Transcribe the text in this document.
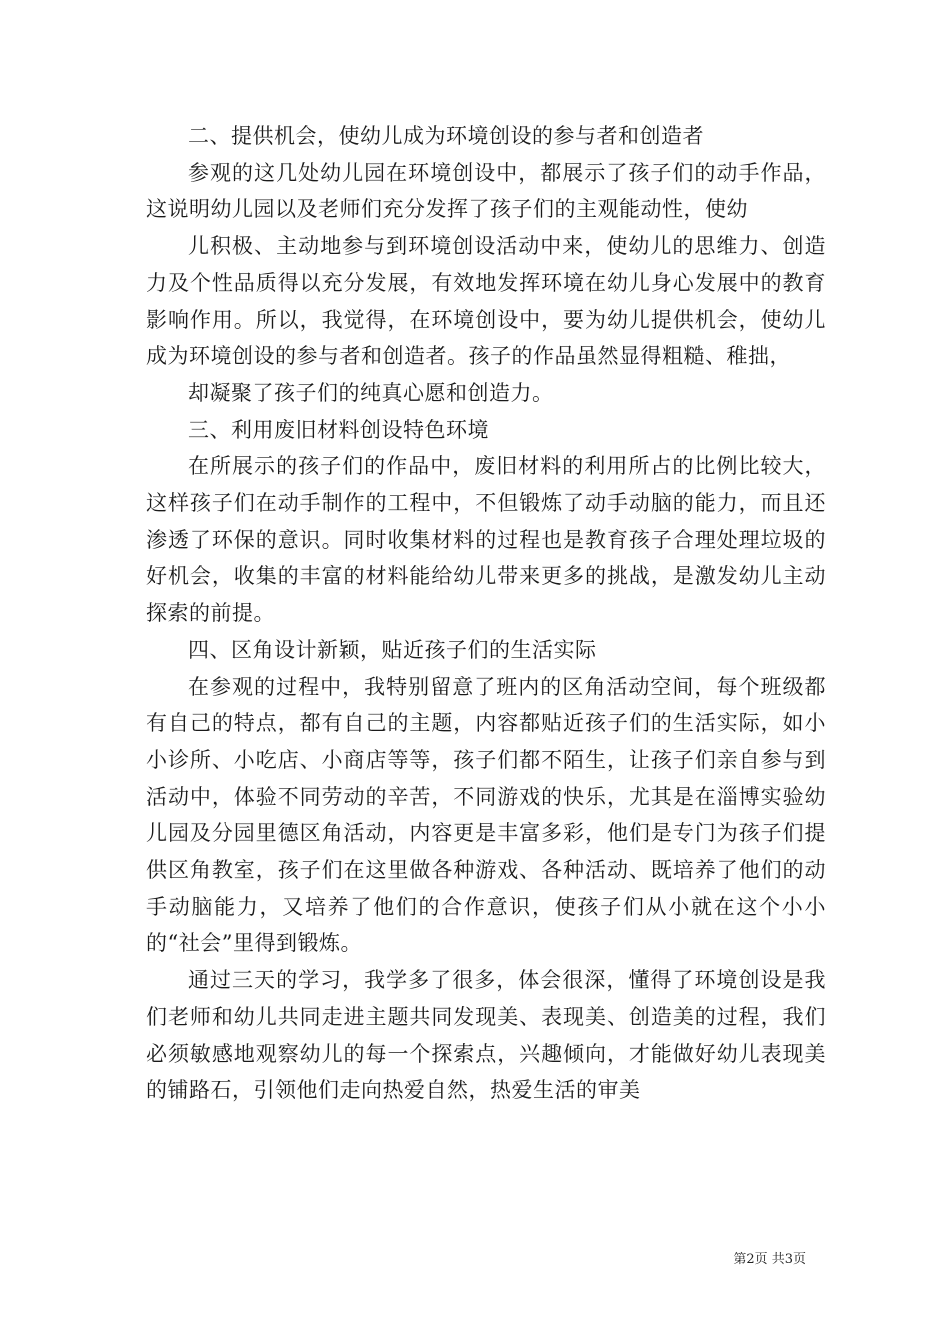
二、提供机会，使幼儿成为环境创设的参与者和创造者

参观的这几处幼儿园在环境创设中，都展示了孩子们的动手作品，这说明幼儿园以及老师们充分发挥了孩子们的主观能动性，使幼

儿积极、主动地参与到环境创设活动中来，使幼儿的思维力、创造力及个性品质得以充分发展，有效地发挥环境在幼儿身心发展中的教育影响作用。所以，我觉得，在环境创设中，要为幼儿提供机会，使幼儿成为环境创设的参与者和创造者。孩子的作品虽然显得粗糙、稚拙，

却凝聚了孩子们的纯真心愿和创造力。

三、利用废旧材料创设特色环境

在所展示的孩子们的作品中，废旧材料的利用所占的比例比较大，这样孩子们在动手制作的工程中，不但锻炼了动手动脑的能力，而且还渗透了环保的意识。同时收集材料的过程也是教育孩子合理处理垃圾的好机会，收集的丰富的材料能给幼儿带来更多的挑战，是激发幼儿主动探索的前提。

四、区角设计新颖，贴近孩子们的生活实际

在参观的过程中，我特别留意了班内的区角活动空间，每个班级都有自己的特点，都有自己的主题，内容都贴近孩子们的生活实际，如小小诊所、小吃店、小商店等等，孩子们都不陌生，让孩子们亲自参与到活动中，体验不同劳动的辛苦，不同游戏的快乐，尤其是在淄博实验幼儿园及分园里德区角活动，内容更是丰富多彩，他们是专门为孩子们提供区角教室，孩子们在这里做各种游戏、各种活动、既培养了他们的动手动脑能力，又培养了他们的合作意识，使孩子们从小就在这个小小的“社会”里得到锻炼。

通过三天的学习，我学多了很多，体会很深，懂得了环境创设是我们老师和幼儿共同走进主题共同发现美、表现美、创造美的过程，我们必须敏感地观察幼儿的每一个探索点，兴趣倾向，才能做好幼儿表现美的铺路石，引领他们走向热爱自然，热爱生活的审美

第2页 共3页
